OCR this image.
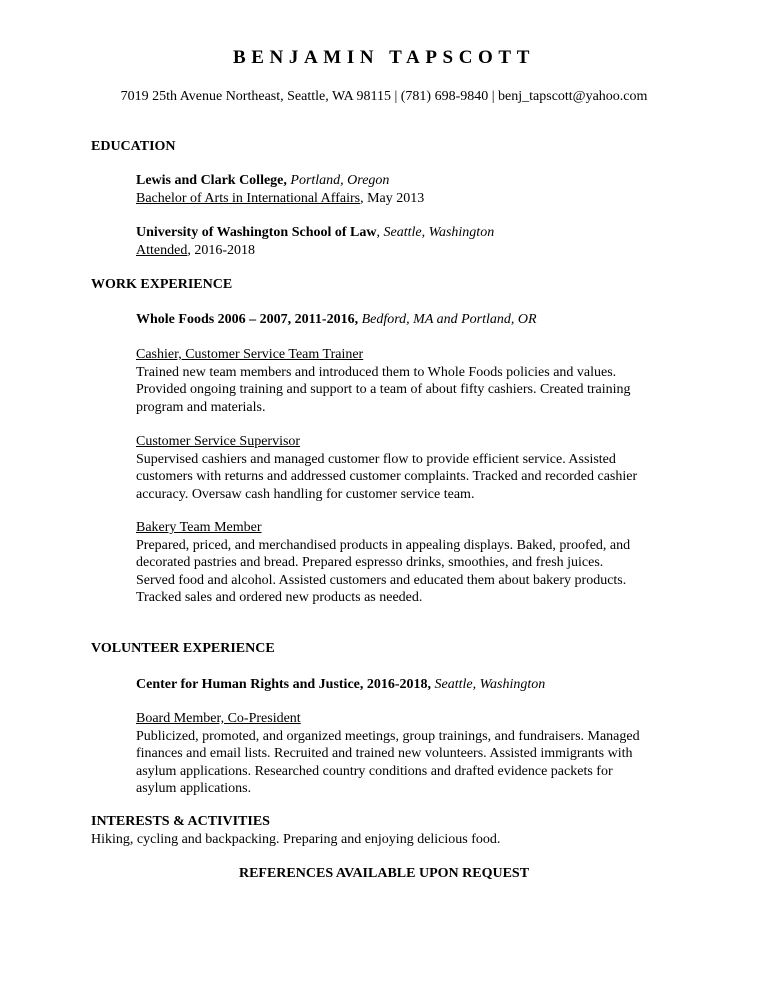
BENJAMIN TAPSCOTT
7019 25th Avenue Northeast, Seattle, WA 98115 | (781) 698-9840 | benj_tapscott@yahoo.com
EDUCATION

Lewis and Clark College, Portland, Oregon

Bachelor of Arts in International Affairs, May 2013

University of Washington School of Law, Seattle, Washington

Attended, 2016-2018

WORK EXPERIENCE
Whole Foods 2006 – 2007, 2011-2016, Bedford, MA and Portland, OR

Cashier, Customer Service Team Trainer

Trained new team members and introduced them to Whole Foods policies and values.

Provided ongoing training and support to a team of about fifty cashiers. Created training

program and materials.

Customer Service Supervisor

Supervised cashiers and managed customer flow to provide efficient service. Assisted

customers with returns and addressed customer complaints. Tracked and recorded cashier

accuracy. Oversaw cash handling for customer service team.

Bakery Team Member

Prepared, priced, and merchandised products in appealing displays. Baked, proofed, and

decorated pastries and bread. Prepared espresso drinks, smoothies, and fresh juices.

Served food and alcohol. Assisted customers and educated them about bakery products.

Tracked sales and ordered new products as needed.

VOLUNTEER EXPERIENCE
Center for Human Rights and Justice, 2016-2018, Seattle, Washington

Board Member, Co-President

Publicized, promoted, and organized meetings, group trainings, and fundraisers. Managed

finances and email lists. Recruited and trained new volunteers. Assisted immigrants with

asylum applications. Researched country conditions and drafted evidence packets for

asylum applications.

INTERESTS & ACTIVITIES

Hiking, cycling and backpacking. Preparing and enjoying delicious food.

REFERENCES AVAILABLE UPON REQUEST
